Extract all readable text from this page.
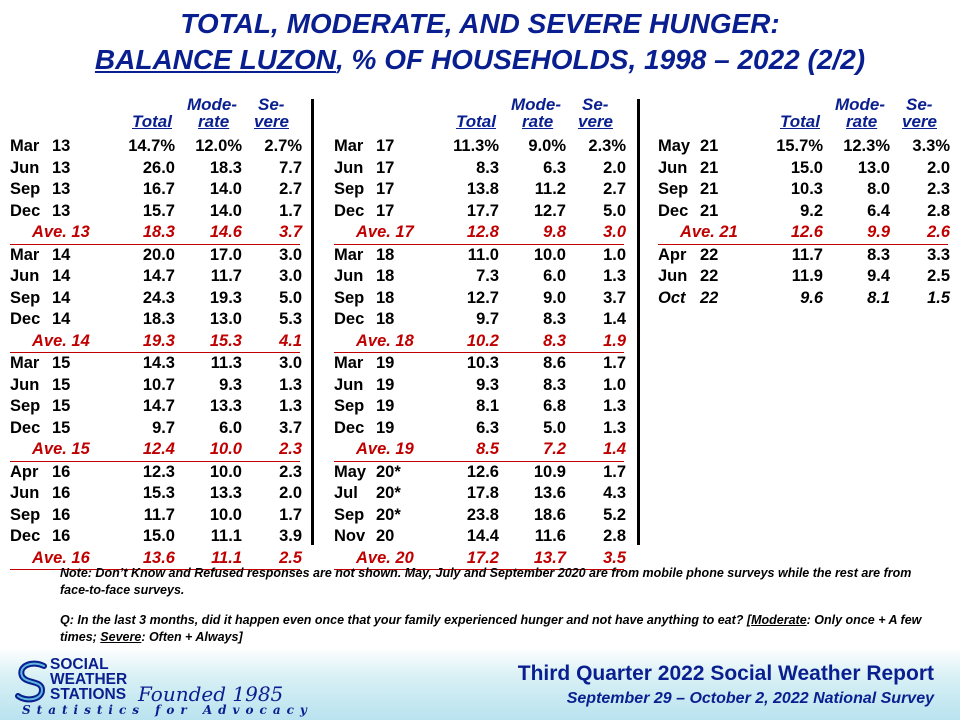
TOTAL, MODERATE, AND SEVERE HUNGER:
BALANCE LUZON, % OF HOUSEHOLDS, 1998 – 2022 (2/2)
Mode- Se-
Total rate vere
Mar 13	14.7% 12.0% 2.7%
Jun 13	26.0 18.3 7.7
Sep 13	16.7 14.0 2.7
Dec 13	15.7 14.0 1.7
Ave. 13	18.3 14.6 3.7
Mar 14	20.0 17.0 3.0
Jun 14	14.7 11.7 3.0
Sep 14	24.3 19.3 5.0
Dec 14	18.3 13.0 5.3
Ave. 14	19.3 15.3 4.1
Mar 15	14.3 11.3 3.0
Jun 15	10.7	9.3 1.3
Sep 15	14.7 13.3 1.3
Dec 15	9.7	6.0 3.7
Ave. 15	12.4 10.0 2.3
Apr 16	12.3 10.0 2.3
Jun 16	15.3 13.3 2.0
Sep 16	11.7 10.0 1.7
Dec 16	15.0 11.1 3.9
Ave. 16	13.6 11.1 2.5
Mode- Se-
Total rate vere
Mar 17	11.3% 9.0% 2.3%
Jun 17	8.3	6.3 2.0
Sep 17	13.8 11.2 2.7
Dec 17	17.7 12.7 5.0
Ave. 17	12.8	9.8 3.0
Mar 18	11.0 10.0 1.0
Jun 18	7.3	6.0 1.3
Sep 18	12.7	9.0 3.7
Dec 18	9.7	8.3 1.4
Ave. 18	10.2	8.3 1.9
Mar 19	10.3	8.6 1.7
Jun 19	9.3	8.3 1.0
Sep 19	8.1	6.8 1.3
Dec 19	6.3	5.0 1.3
Ave. 19	8.5	7.2 1.4
May 20*	12.6 10.9 1.7
Jul 20*	17.8 13.6 4.3
Sep 20*	23.8 18.6 5.2
Nov 20	14.4 11.6 2.8
Ave. 20	17.2 13.7 3.5
Mode- Se-
Total rate vere
May 21	15.7% 12.3% 3.3%
Jun 21	15.0 13.0 2.0
Sep 21	10.3	8.0 2.3
Dec 21	9.2	6.4 2.8
Ave. 21	12.6	9.9 2.6
Apr 22	11.7	8.3 3.3
Jun 22	11.9	9.4 2.5
Oct 22	9.6	8.1 1.5
Note: Don’t Know and Refused responses are not shown. May, July and September 2020 are from mobile phone surveys while the rest are from face-to-face surveys.
Q: In the last 3 months, did it happen even once that your family experienced hunger and not have anything to eat? [Moderate: Only once + A few times; Severe: Often + Always]
SOCIAL
WEATHER
STATIONS Founded 1985
Statistics for Advocacy
Third Quarter 2022 Social Weather Report
September 29 – October 2, 2022 National Survey
